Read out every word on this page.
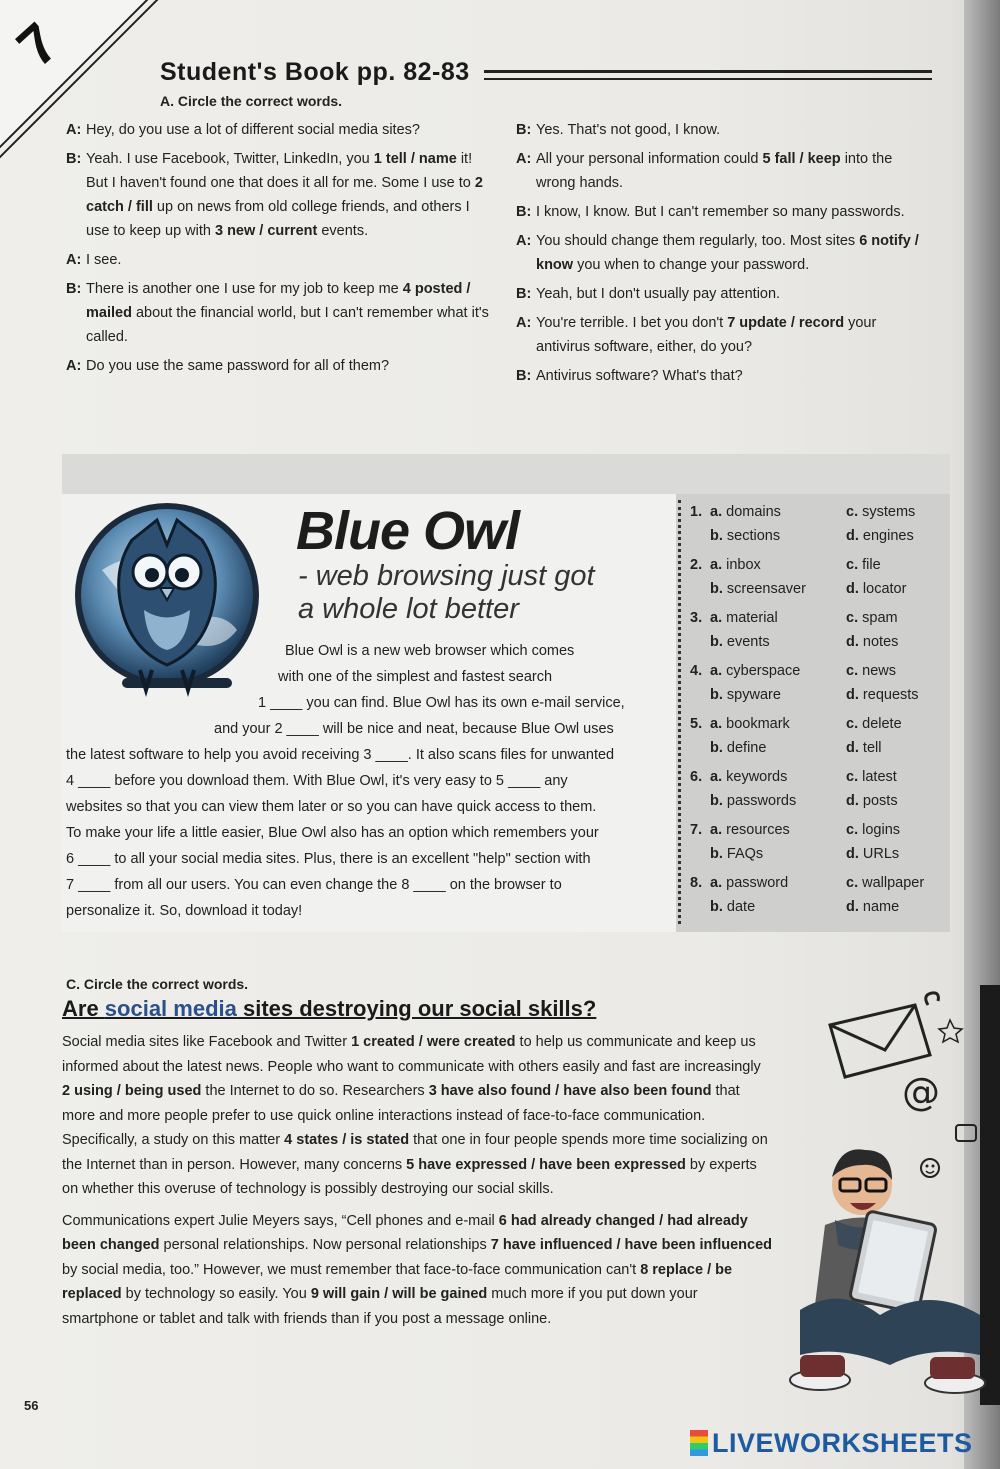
7	Student's Book pp. 82-83
A. Circle the correct words.
A: Hey, do you use a lot of different social media sites?
B: Yeah. I use Facebook, Twitter, LinkedIn, you 1 tell / name it! But I haven't found one that does it all for me. Some I use to 2 catch / fill up on news from old college friends, and others I use to keep up with 3 new / current events.
A: I see.
B: There is another one I use for my job to keep me 4 posted / mailed about the financial world, but I can't remember what it's called.
A: Do you use the same password for all of them?
B: Yes. That's not good, I know.
A: All your personal information could 5 fall / keep into the wrong hands.
B: I know, I know. But I can't remember so many passwords.
A: You should change them regularly, too. Most sites 6 notify / know you when to change your password.
B: Yeah, but I don't usually pay attention.
A: You're terrible. I bet you don't 7 update / record your antivirus software, either, do you?
B: Antivirus software? What's that?
Blue Owl
- web browsing just got
a whole lot better
Blue Owl is a new web browser which comes
with one of the simplest and fastest search
1 ____ you can find. Blue Owl has its own e-mail service,
and your 2 ____ will be nice and neat, because Blue Owl uses
the latest software to help you avoid receiving 3 ____. It also scans files for unwanted
4 ____ before you download them. With Blue Owl, it's very easy to 5 ____ any
websites so that you can view them later or so you can have quick access to them.
To make your life a little easier, Blue Owl also has an option which remembers your
6 ____ to all your social media sites. Plus, there is an excellent "help" section with
7 ____ from all our users. You can even change the 8 ____ on the browser to
personalize it. So, download it today!
1. a. domains
b. sections
c. systems
d. engines
2. a. inbox
b. screensaver
c. file
d. locator
3. a. material
b. events
c. spam
d. notes
4. a. cyberspace
b. spyware
c. news
d. requests
5. a. bookmark
b. define
c. delete
d. tell
6. a. keywords
b. passwords
c. latest
d. posts
7. a. resources
b. FAQs
c. logins
d. URLs
8. a. password
b. date
c. wallpaper
d. name
C. Circle the correct words.
Are social media sites destroying our social skills?

Social media sites like Facebook and Twitter 1 created / were created to help us communicate and keep us informed about the latest news. People who want to communicate with others easily and fast are increasingly 2 using / being used the Internet to do so. Researchers 3 have also found / have also been found that more and more people prefer to use quick online interactions instead of face-to-face communication. Specifically, a study on this matter 4 states / is stated that one in four people spends more time socializing on the Internet than in person. However, many concerns 5 have expressed / have been expressed by experts on whether this overuse of technology is possibly destroying our social skills.

Communications expert Julie Meyers says, “Cell phones and e-mail 6 had already changed / had already been changed personal relationships. Now personal relationships 7 have influenced / have been influenced by social media, too.” However, we must remember that face-to-face communication can't 8 replace / be replaced by technology so easily. You 9 will gain / will be gained much more if you put down your smartphone or tablet and talk with friends than if you post a message online.

@
56
LIVEWORKSHEETS
